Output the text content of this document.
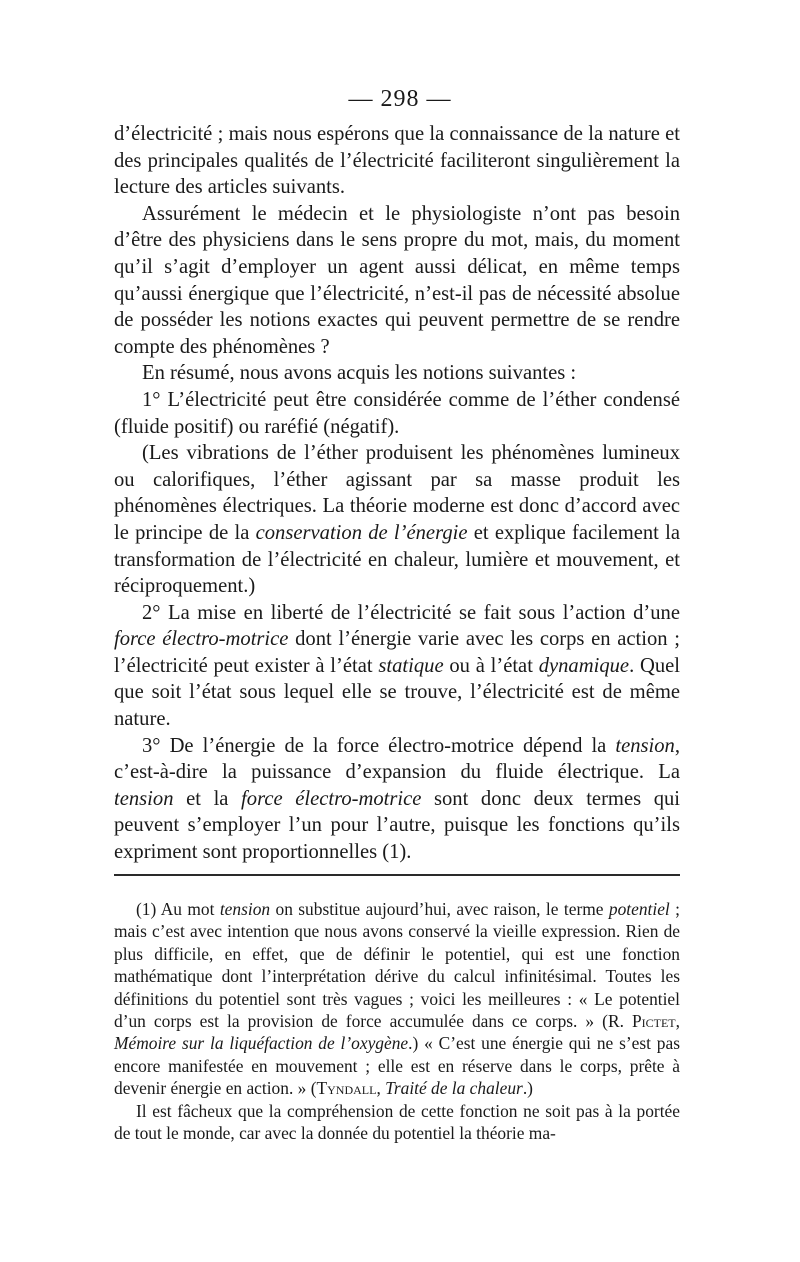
— 298 —

d’électricité ; mais nous espérons que la connaissance de la nature et des principales qualités de l’électricité faciliteront singulièrement la lecture des articles suivants.

Assurément le médecin et le physiologiste n’ont pas besoin d’être des physiciens dans le sens propre du mot, mais, du moment qu’il s’agit d’employer un agent aussi délicat, en même temps qu’aussi énergique que l’électricité, n’est-il pas de nécessité absolue de posséder les notions exactes qui peuvent permettre de se rendre compte des phénomènes ?

En résumé, nous avons acquis les notions suivantes :

1° L’électricité peut être considérée comme de l’éther condensé (fluide positif) ou raréfié (négatif).

(Les vibrations de l’éther produisent les phénomènes lumineux ou calorifiques, l’éther agissant par sa masse produit les phénomènes électriques. La théorie moderne est donc d’accord avec le principe de la conservation de l’énergie et explique facilement la transformation de l’électricité en chaleur, lumière et mouvement, et réciproquement.)

2° La mise en liberté de l’électricité se fait sous l’action d’une force électro-motrice dont l’énergie varie avec les corps en action ; l’électricité peut exister à l’état statique ou à l’état dynamique. Quel que soit l’état sous lequel elle se trouve, l’électricité est de même nature.

3° De l’énergie de la force électro-motrice dépend la tension, c’est-à-dire la puissance d’expansion du fluide électrique. La tension et la force électro-motrice sont donc deux termes qui peuvent s’employer l’un pour l’autre, puisque les fonctions qu’ils expriment sont proportionnelles (1).

(1) Au mot tension on substitue aujourd’hui, avec raison, le terme potentiel ; mais c’est avec intention que nous avons conservé la vieille expression. Rien de plus difficile, en effet, que de définir le potentiel, qui est une fonction mathématique dont l’interprétation dérive du calcul infinitésimal. Toutes les définitions du potentiel sont très vagues ; voici les meilleures : « Le potentiel d’un corps est la provision de force accumulée dans ce corps. » (R. Pictet, Mémoire sur la liquéfaction de l’oxygène.) « C’est une énergie qui ne s’est pas encore manifestée en mouvement ; elle est en réserve dans le corps, prête à devenir énergie en action. » (Tyndall, Traité de la chaleur.)

Il est fâcheux que la compréhension de cette fonction ne soit pas à la portée de tout le monde, car avec la donnée du potentiel la théorie ma-
